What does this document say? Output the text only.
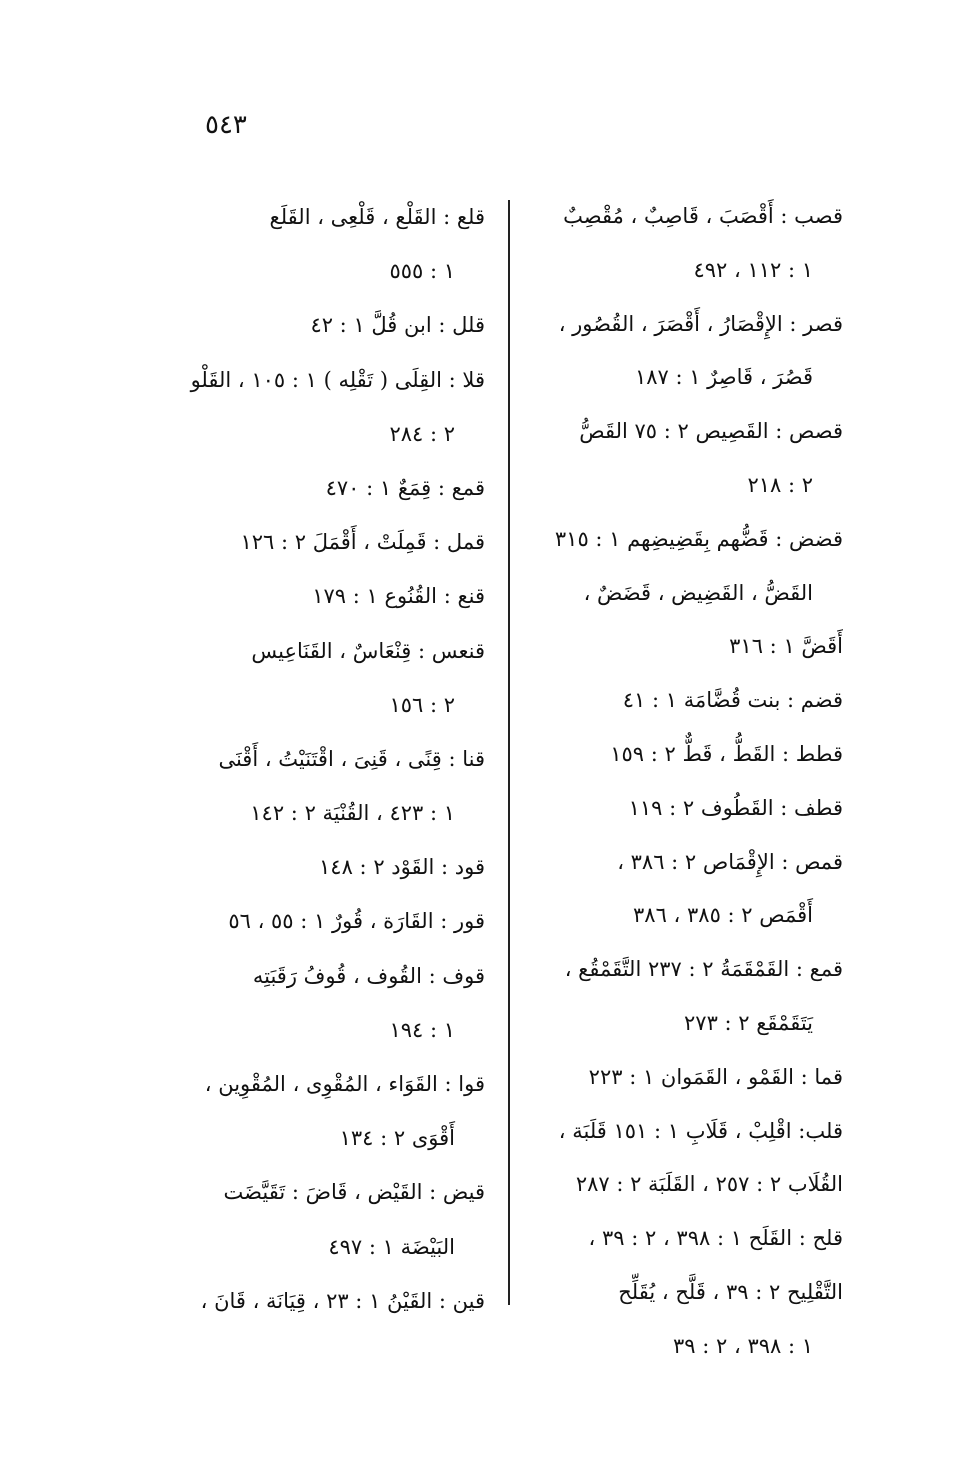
٥٤٣
قصب : أَقْصَبَ ، قَاصِبٌ ، مُقْصِبٌ
١ : ١١٢ ، ٤٩٢
قصر : الإِقْصَارُ ، أَقْصَرَ ، القُصُور ،
قَصُرَ ، قَاصِرٌ ١ : ١٨٧
قصص : القَصِيص ٢ : ٧٥ القَصُّ
٢ : ٢١٨
قضض : قَضُّهم بِقَضِيضِهم ١ : ٣١٥
القَضُّ ، القَضِيض ، قَضَضٌ ،
أَقَضَّ ١ : ٣١٦
قضم : بنت قُضَّامَة ١ : ٤١
قطط : القَطُّ ، قَطٌّ ٢ : ١٥٩
قطف : القَطُوف ٢ : ١١٩
قمص : الإِقْمَاص ٢ : ٣٨٦ ،
أَقْمَص ٢ : ٣٨٥ ، ٣٨٦
قمع : القَمْقَمَةُ ٢ : ٢٣٧ التَّقَمْقُع ،
يَتَقَمْقَع ٢ : ٢٧٣
قما : القَمْو ، القَمَوان ١ : ٢٢٣
قلب: اقْلِبْ ، قَلَابِ ١ : ١٥١ قَلَبَة ،
القُلَاب ٢ : ٢٥٧ ، القَلَبَة ٢ : ٢٨٧
قلح : القَلَح ١ : ٣٩٨ ، ٢ : ٣٩ ،
التَّقْلِيح ٢ : ٣٩ ، قَلَّح ، يُقَلِّح
١ : ٣٩٨ ، ٢ : ٣٩
قلع : القَلْع ، قَلْعِى ، القَلَع
١ : ٥٥٥
قلل : ابن قُلَّ ١ : ٤٢
قلا : القِلَى ( تَقْلِه ) ١ : ١٠٥ ، القَلْو
٢ : ٢٨٤
قمع : قِمَعٌ ١ : ٤٧٠
قمل : قَمِلَتْ ، أَقْمَلَ ٢ : ١٢٦
قنع : القُنُوع ١ : ١٧٩
قنعس : قِنْعَاسٌ ، القَنَاعِيس
٢ : ١٥٦
قنا : قِنًى ، قَنِىَ ، اقْتَنَيْتُ ، أَقْنَى
١ : ٤٢٣ ، القُنْيَة ٢ : ١٤٢
قود : القَوْد ٢ : ١٤٨
قور : القَارَة ، قُورٌ ١ : ٥٥ ، ٥٦
قوف : القُوف ، قُوفُ رَقَبَتِه
١ : ١٩٤
قوا : القَوَاء ، المُقْوِى ، المُقْوِين ،
أَقْوَى ٢ : ١٣٤
قيض : القَيْض ، قَاضَ : تَقَيَّضَت
البَيْضَة ١ : ٤٩٧
قين : القَيْنُ ١ : ٢٣ ، قِيَانَة ، قَانَ ،
